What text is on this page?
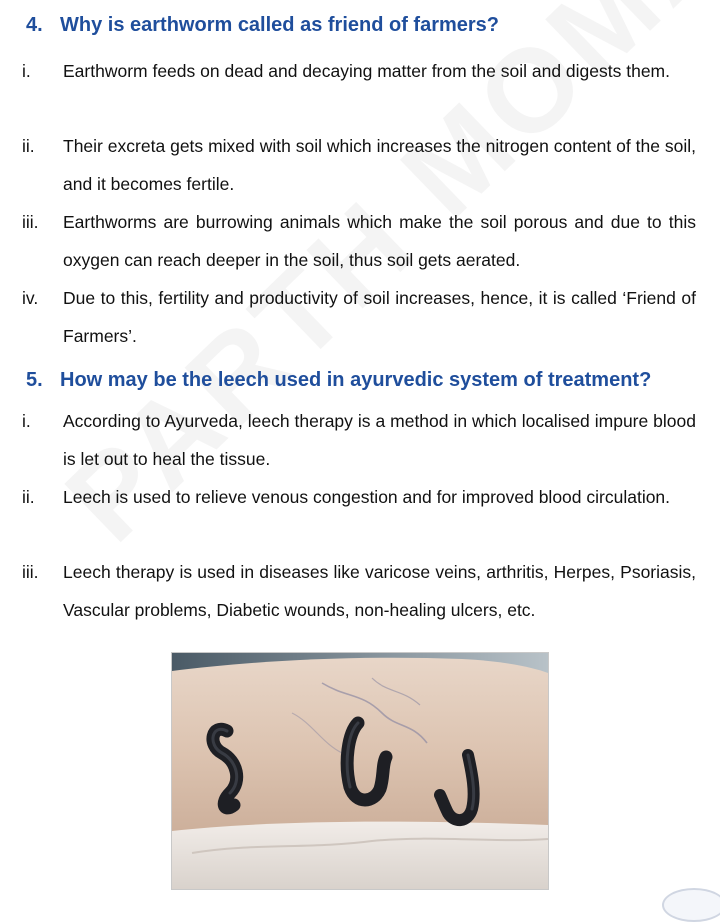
4. Why is earthworm called as friend of farmers?
i. Earthworm feeds on dead and decaying matter from the soil and digests them.
ii. Their excreta gets mixed with soil which increases the nitrogen content of the soil, and it becomes fertile.
iii. Earthworms are burrowing animals which make the soil porous and due to this oxygen can reach deeper in the soil, thus soil gets aerated.
iv. Due to this, fertility and productivity of soil increases, hence, it is called ‘Friend of Farmers’.
5. How may be the leech used in ayurvedic system of treatment?
i. According to Ayurveda, leech therapy is a method in which localised impure blood is let out to heal the tissue.
ii. Leech is used to relieve venous congestion and for improved blood circulation.
iii. Leech therapy is used in diseases like varicose veins, arthritis, Herpes, Psoriasis, Vascular problems, Diabetic wounds, non-healing ulcers, etc.
